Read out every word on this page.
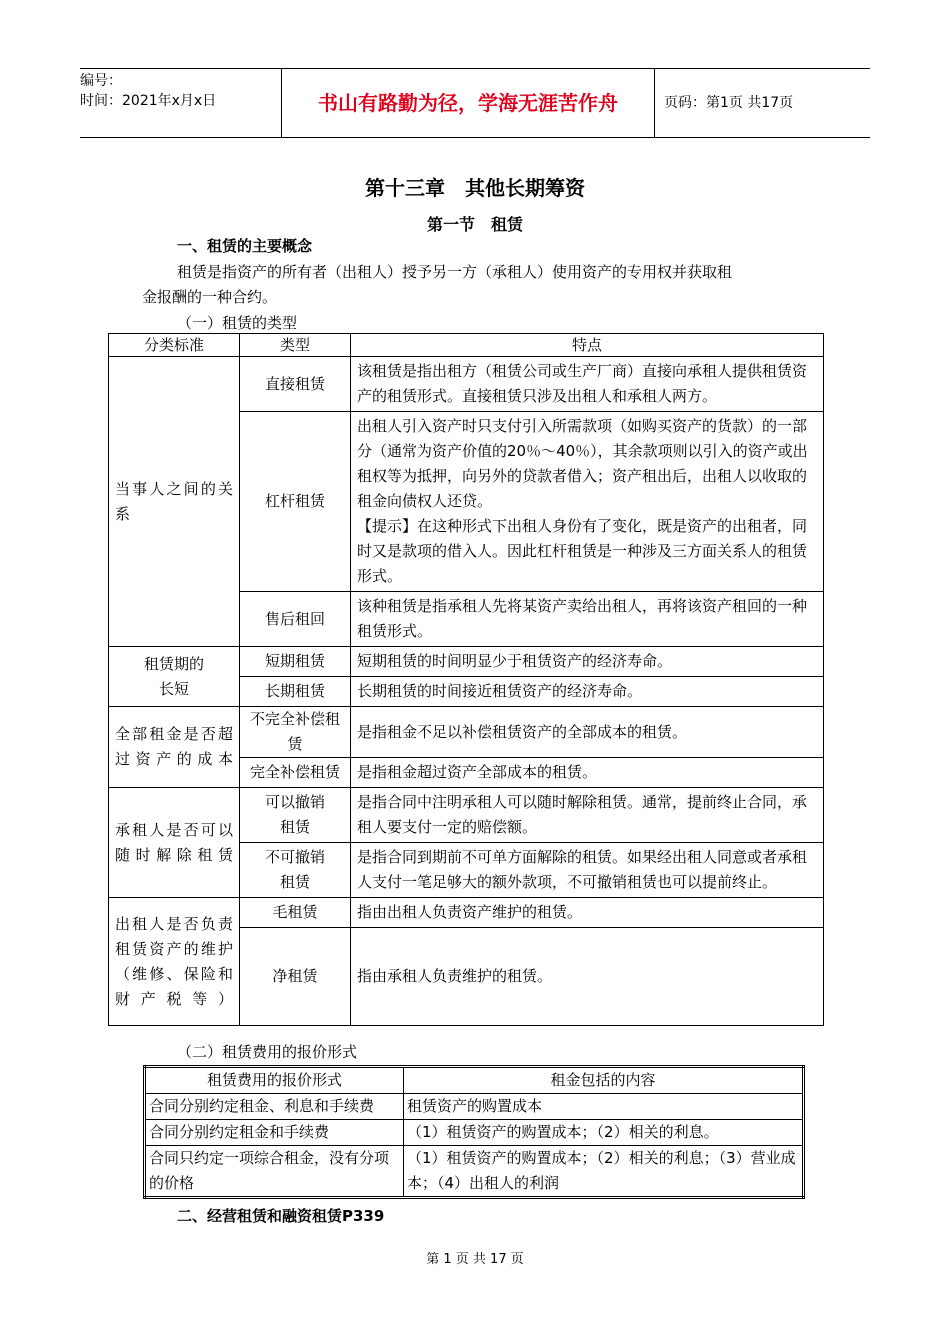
编号：
时间：2021年x月x日	书山有路勤为径，学海无涯苦作舟	页码：第1页 共17页
第十三章　其他长期筹资
第一节　租赁
一、租赁的主要概念
租赁是指资产的所有者（出租人）授予另一方（承租人）使用资产的专用权并获取租
金报酬的一种合约。
（一）租赁的类型
分类标准	类型	特点
当事人之间的关系	直接租赁	该租赁是指出租方（租赁公司或生产厂商）直接向承租人提供租赁资产的租赁形式。直接租赁只涉及出租人和承租人两方。
	杠杆租赁	出租人引入资产时只支付引入所需款项（如购买资产的货款）的一部分（通常为资产价值的20％～40％），其余款项则以引入的资产或出租权等为抵押，向另外的贷款者借入；资产租出后，出租人以收取的租金向债权人还贷。
【提示】在这种形式下出租人身份有了变化，既是资产的出租者，同时又是款项的借入人。因此杠杆租赁是一种涉及三方面关系人的租赁形式。

	售后租回	该种租赁是指承租人先将某资产卖给出租人，再将该资产租回的一种租赁形式。
租赁期的长短	短期租赁	短期租赁的时间明显少于租赁资产的经济寿命。
	长期租赁	长期租赁的时间接近租赁资产的经济寿命。
全部租金是否超过资产的成本	不完全补偿租赁	是指租金不足以补偿租赁资产的全部成本的租赁。
	完全补偿租赁	是指租金超过资产全部成本的租赁。
承租人是否可以随时解除租赁	可以撤销租赁	是指合同中注明承租人可以随时解除租赁。通常，提前终止合同，承租人要支付一定的赔偿额。
	不可撤销租赁	是指合同到期前不可单方面解除的租赁。如果经出租人同意或者承租人支付一笔足够大的额外款项，不可撤销租赁也可以提前终止。
出租人是否负责租赁资产的维护（维修、保险和财产税等）	毛租赁	指由出租人负责资产维护的租赁。
	净租赁	指由承租人负责维护的租赁。
（二）租赁费用的报价形式
租赁费用的报价形式	租金包括的内容
合同分别约定租金、利息和手续费	租赁资产的购置成本
合同分别约定租金和手续费	（1）租赁资产的购置成本；（2）相关的利息。
合同只约定一项综合租金，没有分项的价格	（1）租赁资产的购置成本；（2）相关的利息；（3）营业成本；（4）出租人的利润
二、经营租赁和融资租赁P339
第 1 页 共 17 页
